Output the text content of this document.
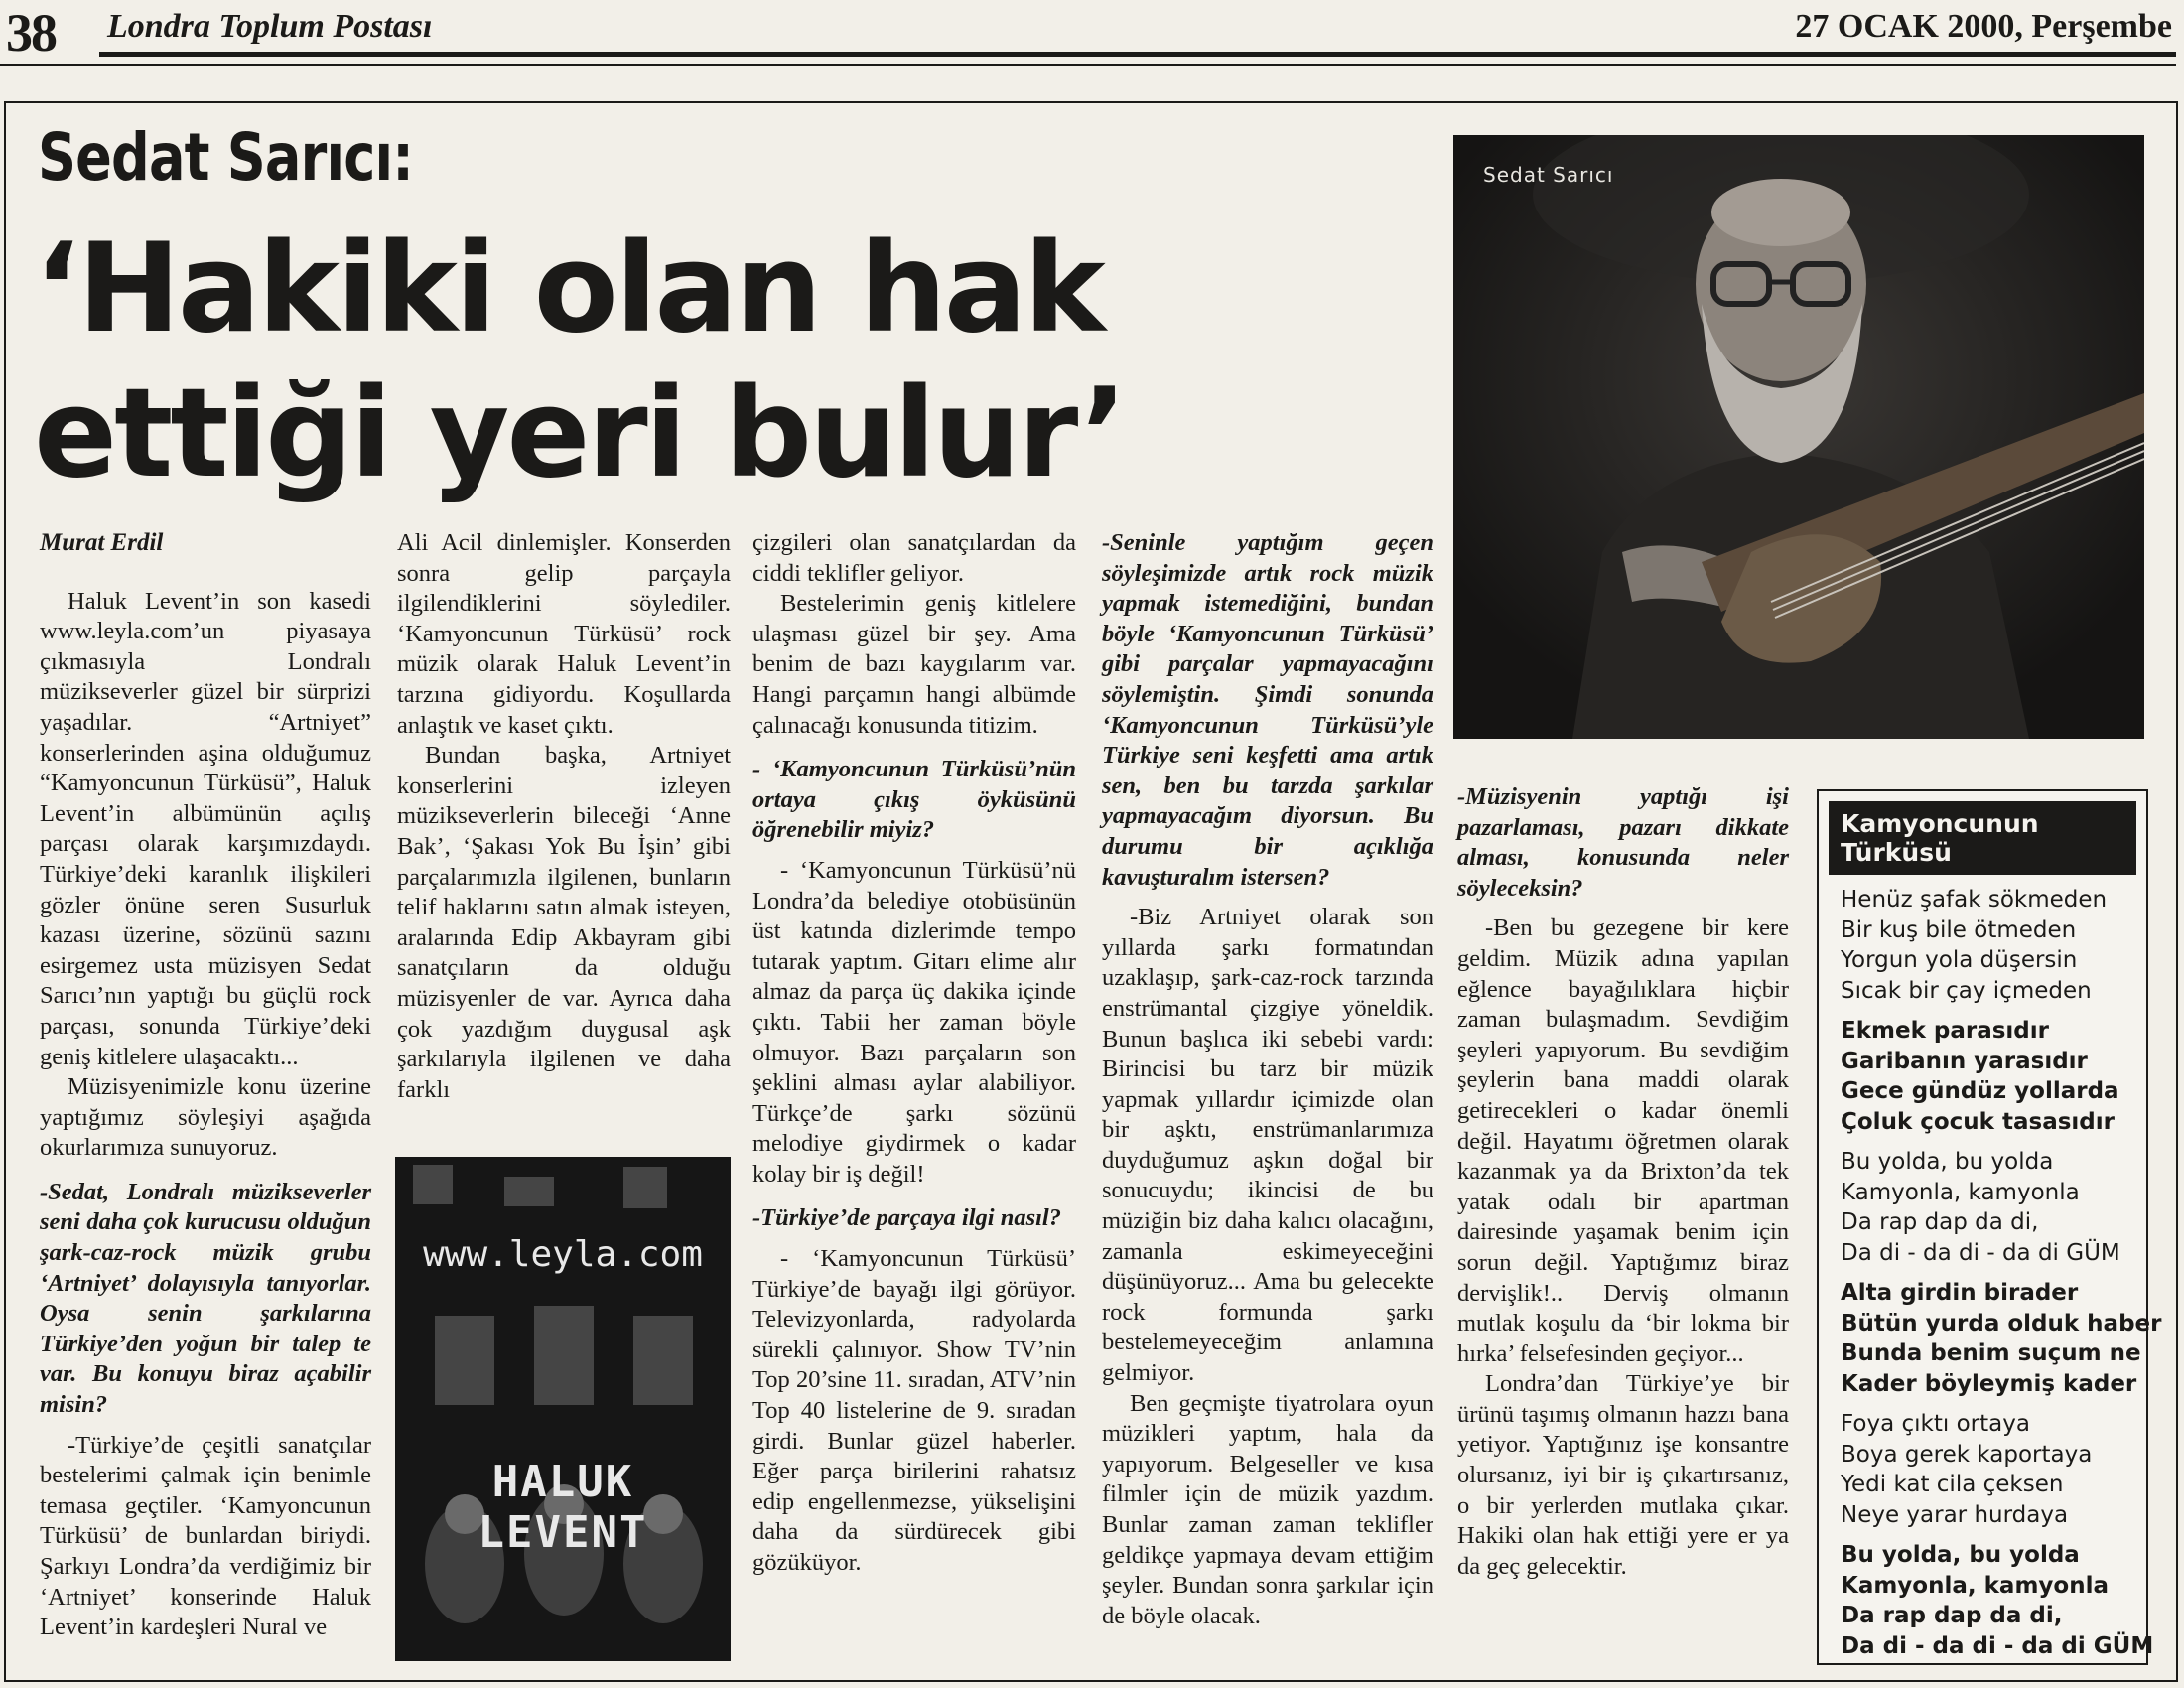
38 Londra Toplum Postası	27 OCAK 2000, Perşembe
Sedat Sarıcı:
‘Hakiki olan hak
ettiği yeri bulur’
Sedat Sarıcı
Murat Erdil

Haluk Levent’in son kasedi www.leyla.com’un piyasaya çıkmasıyla Londralı müzikseverler güzel bir sürprizi yaşadılar. “Artniyet” konserlerinden aşina olduğumuz “Kamyoncunun Türküsü”, Haluk Levent’in albümünün açılış parçası olarak karşımızdaydı. Türkiye’deki karanlık ilişkileri gözler önüne seren Susurluk kazası üzerine, sözünü sazını esirgemez usta müzisyen Sedat Sarıcı’nın yaptığı bu güçlü rock parçası, sonunda Türkiye’deki geniş kitlelere ulaşacaktı...

Müzisyenimizle konu üzerine yaptığımız söyleşiyi aşağıda okurlarımıza sunuyoruz.

-Sedat, Londralı müzikseverler seni daha çok kurucusu olduğun şark-caz-rock müzik grubu ‘Artniyet’ dolayısıyla tanıyorlar. Oysa senin şarkılarına Türkiye’den yoğun bir talep te var. Bu konuyu biraz açabilir misin?

-Türkiye’de çeşitli sanatçılar bestelerimi çalmak için benimle temasa geçtiler. ‘Kamyoncunun Türküsü’ de bunlardan biriydi. Şarkıyı Londra’da verdiğimiz bir ‘Artniyet’ konserinde Haluk Levent’in kardeşleri Nural ve

Ali Acil dinlemişler. Konserden sonra gelip parçayla ilgilendiklerini söylediler. ‘Kamyoncunun Türküsü’ rock müzik olarak Haluk Levent’in tarzına gidiyordu. Koşullarda anlaştık ve kaset çıktı.

Bundan başka, Artniyet konserlerini izleyen müzikseverlerin bileceği ‘Anne Bak’, ‘Şakası Yok Bu İşin’ gibi parçalarımızla ilgilenen, bunların telif haklarını satın almak isteyen, aralarında Edip Akbayram gibi sanatçıların da olduğu müzisyenler de var. Ayrıca daha çok yazdığım duygusal aşk şarkılarıyla ilgilenen ve daha farklı

www.leyla.com
HALUK LEVENT

çizgileri olan sanatçılardan da ciddi teklifler geliyor.

Bestelerimin geniş kitlelere ulaşması güzel bir şey. Ama benim de bazı kaygılarım var. Hangi parçamın hangi albümde çalınacağı konusunda titizim.

- ‘Kamyoncunun Türküsü’nün ortaya çıkış öyküsünü öğrenebilir miyiz?

- ‘Kamyoncunun Türküsü’nü Londra’da belediye otobüsünün üst katında dizlerimde tempo tutarak yaptım. Gitarı elime alır almaz da parça üç dakika içinde çıktı. Tabii her zaman böyle olmuyor. Bazı parçaların son şeklini alması aylar alabiliyor. Türkçe’de şarkı sözünü melodiye giydirmek o kadar kolay bir iş değil!

-Türkiye’de parçaya ilgi nasıl?

- ‘Kamyoncunun Türküsü’ Türkiye’de bayağı ilgi görüyor. Televizyonlarda, radyolarda sürekli çalınıyor. Show TV’nin Top 20’sine 11. sıradan, ATV’nin Top 40 listelerine de 9. sıradan girdi. Bunlar güzel haberler. Eğer parça birilerini rahatsız edip engellenmezse, yükselişini daha da sürdürecek gibi gözüküyor.

-Seninle yaptığım geçen söyleşimizde artık rock müzik yapmak istemediğini, bundan böyle ‘Kamyoncunun Türküsü’ gibi parçalar yapmayacağını söylemiştin. Şimdi sonunda ‘Kamyoncunun Türküsü’yle Türkiye seni keşfetti ama artık sen, ben bu tarzda şarkılar yapmayacağım diyorsun. Bu durumu bir açıklığa kavuşturalım istersen?

-Biz Artniyet olarak son yıllarda şarkı formatından uzaklaşıp, şark-caz-rock tarzında enstrümantal çizgiye yöneldik. Bunun başlıca iki sebebi vardı: Birincisi bu tarz bir müzik yapmak yıllardır içimizde olan bir aşktı, enstrümanlarımıza duyduğumuz aşkın doğal bir sonucuydu; ikincisi de bu müziğin biz daha kalıcı olacağını, zamanla eskimeyeceğini düşünüyoruz... Ama bu gelecekte rock formunda şarkı bestelemeyeceğim anlamına gelmiyor.

Ben geçmişte tiyatrolara oyun müzikleri yaptım, hala da yapıyorum. Belgeseller ve kısa filmler için de müzik yazdım. Bunlar zaman zaman teklifler geldikçe yapmaya devam ettiğim şeyler. Bundan sonra şarkılar için de böyle olacak.

-Müzisyenin yaptığı işi pazarlaması, pazarı dikkate alması, konusunda neler söyleceksin?

-Ben bu gezegene bir kere geldim. Müzik adına yapılan eğlence bayağılıklara hiçbir zaman bulaşmadım. Sevdiğim şeyleri yapıyorum. Bu sevdiğim şeylerin bana maddi olarak getirecekleri o kadar önemli değil. Hayatımı öğretmen olarak kazanmak ya da Brixton’da tek yatak odalı bir apartman dairesinde yaşamak benim için sorun değil. Yaptığımız biraz dervişlik!.. Derviş olmanın mutlak koşulu da ‘bir lokma bir hırka’ felsefesinden geçiyor...

Londra’dan Türkiye’ye bir ürünü taşımış olmanın hazzı bana yetiyor. Yaptığınız işe konsantre olursanız, iyi bir iş çıkartırsanız, o bir yerlerden mutlaka çıkar. Hakiki olan hak ettiği yere er ya da geç gelecektir.

Kamyoncunun Türküsü
Henüz şafak sökmeden
Bir kuş bile ötmeden
Yorgun yola düşersin
Sıcak bir çay içmeden
Ekmek parasıdır
Garibanın yarasıdır
Gece gündüz yollarda
Çoluk çocuk tasasıdır
Bu yolda, bu yolda
Kamyonla, kamyonla
Da rap dap da di,
Da di - da di - da di GÜM
Alta girdin birader
Bütün yurda olduk haber
Bunda benim suçum ne
Kader böyleymiş kader
Foya çıktı ortaya
Boya gerek kaportaya
Yedi kat cila çeksen
Neye yarar hurdaya
Bu yolda, bu yolda
Kamyonla, kamyonla
Da rap dap da di,
Da di - da di - da di GÜM
